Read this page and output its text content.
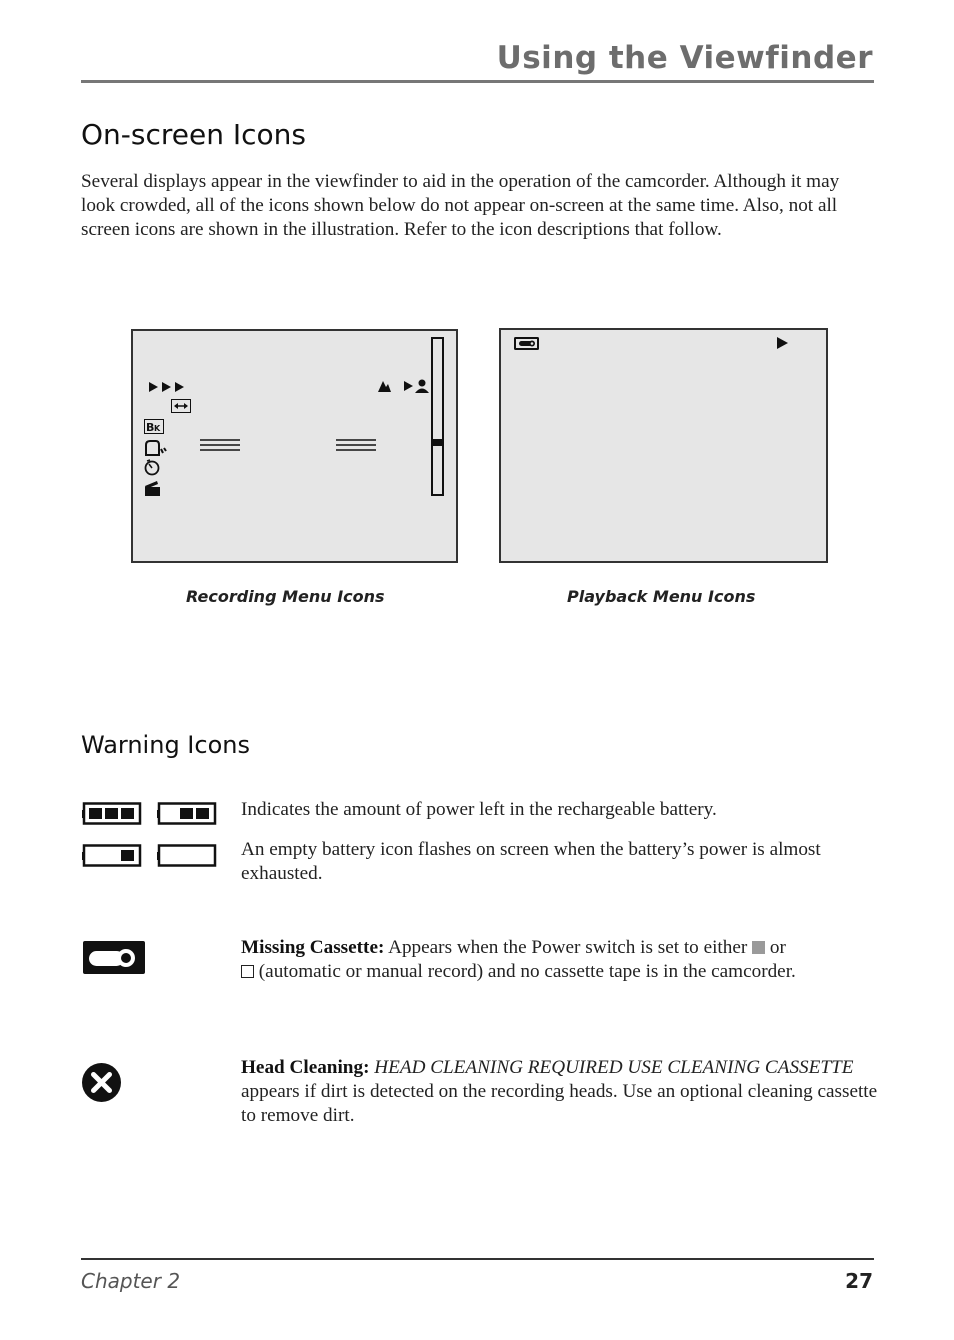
Using the Viewfinder
On-screen Icons
Several displays appear in the viewfinder to aid in the operation of the camcorder. Although it may look crowded, all of the icons shown below do not appear on-screen at the same time. Also, not all screen icons are shown in the illustration. Refer to the icon descriptions that follow.
B K
Recording Menu Icons	Playback Menu Icons
Warning Icons
Indicates the amount of power left in the rechargeable battery.
An empty battery icon flashes on screen when the battery’s power is almost exhausted.
Missing Cassette: Appears when the Power switch is set to either  or
(automatic or manual record) and no cassette tape is in the camcorder.
Head Cleaning: HEAD CLEANING REQUIRED USE CLEANING CASSETTE appears if dirt is detected on the recording heads. Use an optional cleaning cassette to remove dirt.
Chapter 2	27
